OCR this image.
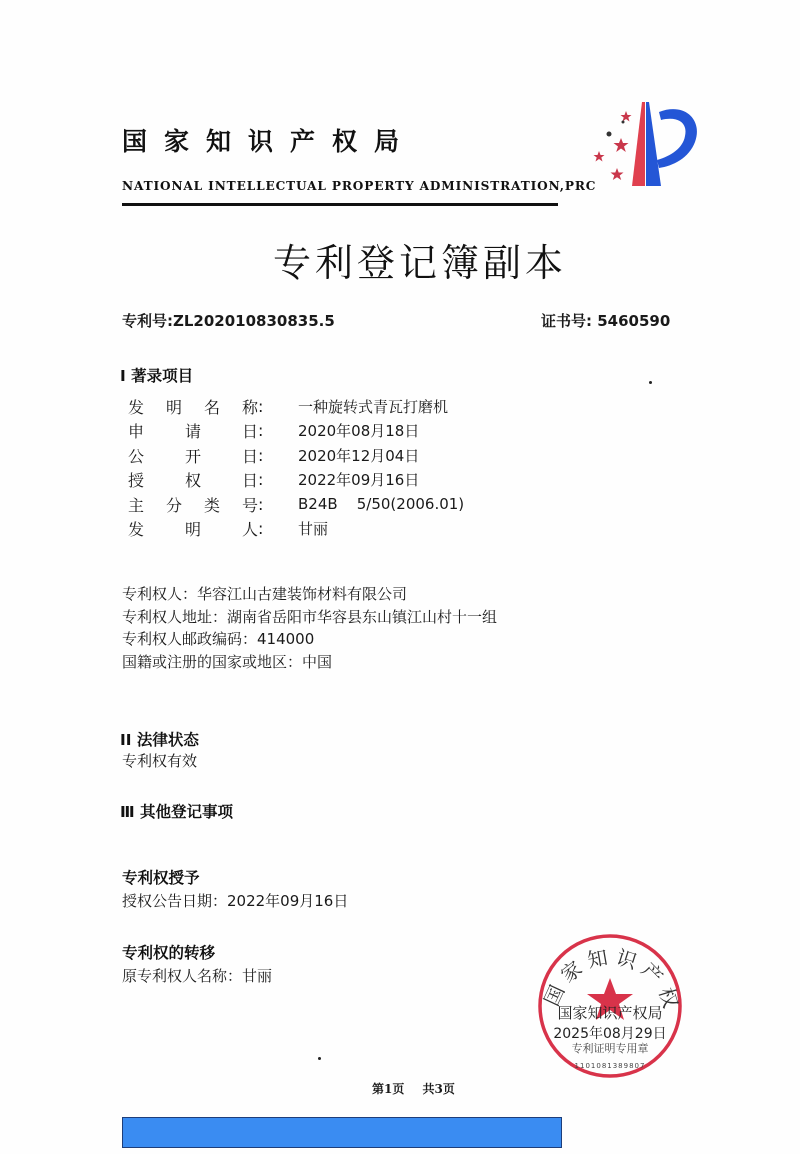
国家知识产权局
NATIONAL INTELLECTUAL PROPERTY ADMINISTRATION,PRC
专利登记簿副本
专利号:ZL202010830835.5	证书号: 5460590
I 著录项目
发 明 名 称 :	一种旋转式青瓦打磨机
申	请	日 :	2020年08月18日
公	开	日 :	2020年12月04日
授	权	日 :	2022年09月16日
主 分 类 号 :	B24B    5/50(2006.01)
发	明	人 :	甘丽
专利权人：华容江山古建装饰材料有限公司
专利权人地址：湖南省岳阳市华容县东山镇江山村十一组
专利权人邮政编码：414000
国籍或注册的国家或地区：中国
II 法律状态
专利权有效
Ⅲ 其他登记事项
专利权授予
授权公告日期：2022年09月16日
专利权的转移
原专利权人名称：甘丽	国家知识产权
国家知识产权局
2025年08月29日
专利证明专用章
1101081389807
第1页 共3页
